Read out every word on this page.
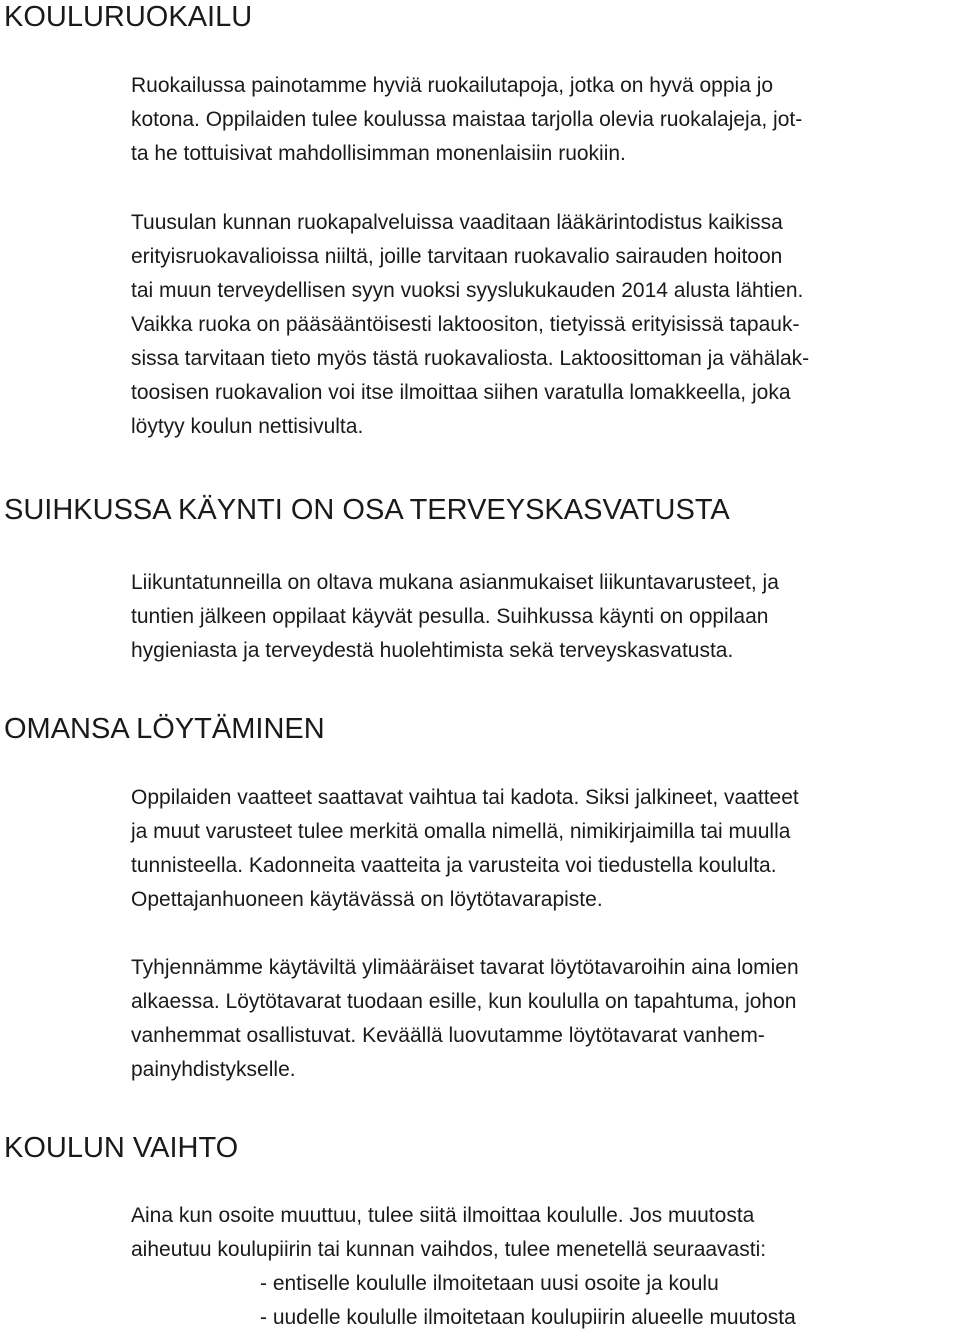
KOULURUOKAILU
Ruokailussa painotamme hyviä ruokailutapoja, jotka on hyvä oppia jo
kotona. Oppilaiden tulee koulussa maistaa tarjolla olevia ruokalajeja, jot-
ta he tottuisivat mahdollisimman monenlaisiin ruokiin.
Tuusulan kunnan ruokapalveluissa vaaditaan lääkärintodistus kaikissa
erityisruokavalioissa niiltä, joille tarvitaan ruokavalio sairauden hoitoon
tai muun terveydellisen syyn vuoksi syyslukukauden 2014 alusta lähtien.
Vaikka ruoka on pääsääntöisesti laktoositon, tietyissä erityisissä tapauk-
sissa tarvitaan tieto myös tästä ruokavaliosta. Laktoosittoman ja vähälak-
toosisen ruokavalion voi itse ilmoittaa siihen varatulla lomakkeella, joka
löytyy koulun nettisivulta.
SUIHKUSSA KÄYNTI ON OSA TERVEYSKASVATUSTA
Liikuntatunneilla on oltava mukana asianmukaiset liikuntavarusteet, ja
tuntien jälkeen oppilaat käyvät pesulla. Suihkussa käynti on oppilaan
hygieniasta ja terveydestä huolehtimista sekä terveyskasvatusta.
OMANSA LÖYTÄMINEN
Oppilaiden vaatteet saattavat vaihtua tai kadota. Siksi jalkineet, vaatteet
ja muut varusteet tulee merkitä omalla nimellä, nimikirjaimilla tai muulla
tunnisteella. Kadonneita vaatteita ja varusteita voi tiedustella koululta.
Opettajanhuoneen käytävässä on löytötavarapiste.
Tyhjennämme käytäviltä ylimääräiset tavarat löytötavaroihin aina lomien
alkaessa. Löytötavarat tuodaan esille, kun koululla on tapahtuma, johon
vanhemmat osallistuvat. Keväällä luovutamme löytötavarat vanhem-
painyhdistykselle.
KOULUN VAIHTO
Aina kun osoite muuttuu, tulee siitä ilmoittaa koululle. Jos muutosta
aiheutuu koulupiirin tai kunnan vaihdos, tulee menetellä seuraavasti:
- entiselle koululle ilmoitetaan uusi osoite ja koulu
- uudelle koululle ilmoitetaan koulupiirin alueelle muutosta
